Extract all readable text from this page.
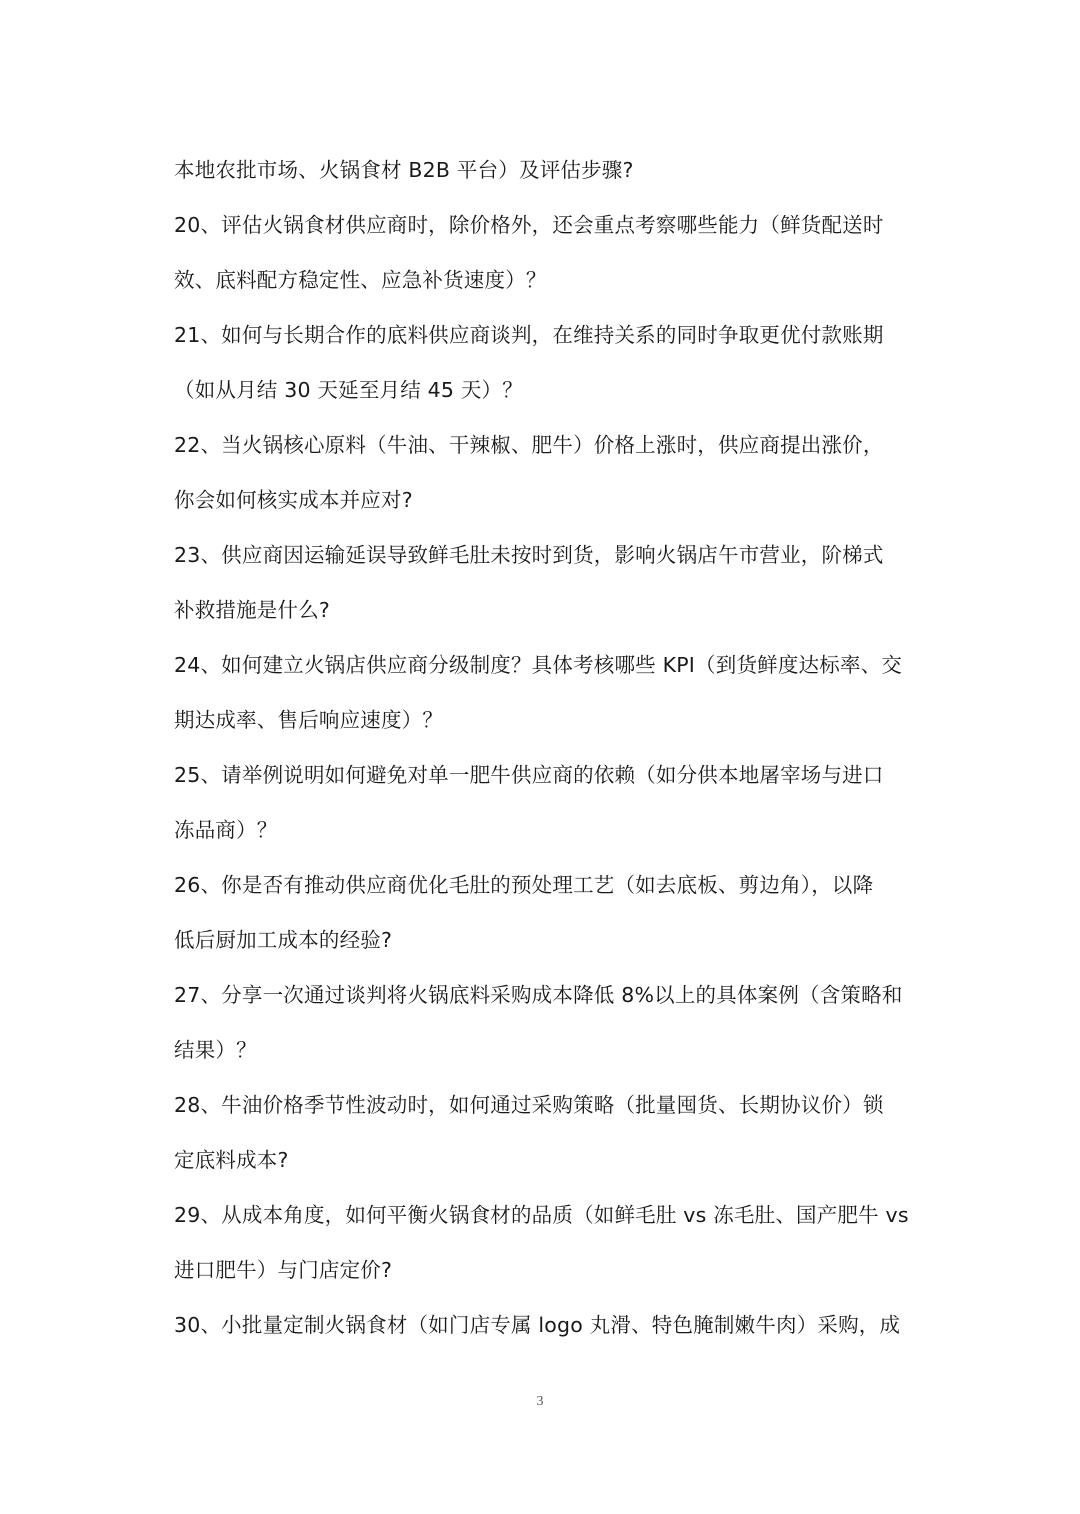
本地农批市场、火锅食材 B2B 平台）及评估步骤?
20、评估火锅食材供应商时，除价格外，还会重点考察哪些能力（鲜货配送时
效、底料配方稳定性、应急补货速度）？
21、如何与长期合作的底料供应商谈判，在维持关系的同时争取更优付款账期
（如从月结 30 天延至月结 45 天）？
22、当火锅核心原料（牛油、干辣椒、肥牛）价格上涨时，供应商提出涨价，
你会如何核实成本并应对?
23、供应商因运输延误导致鲜毛肚未按时到货，影响火锅店午市营业，阶梯式
补救措施是什么?
24、如何建立火锅店供应商分级制度？具体考核哪些 KPI（到货鲜度达标率、交
期达成率、售后响应速度）？
25、请举例说明如何避免对单一肥牛供应商的依赖（如分供本地屠宰场与进口
冻品商）？
26、你是否有推动供应商优化毛肚的预处理工艺（如去底板、剪边角），以降
低后厨加工成本的经验?
27、分享一次通过谈判将火锅底料采购成本降低 8%以上的具体案例（含策略和
结果）？
28、牛油价格季节性波动时，如何通过采购策略（批量囤货、长期协议价）锁
定底料成本?
29、从成本角度，如何平衡火锅食材的品质（如鲜毛肚 vs 冻毛肚、国产肥牛 vs
进口肥牛）与门店定价?
30、小批量定制火锅食材（如门店专属 logo 丸滑、特色腌制嫩牛肉）采购，成
3
